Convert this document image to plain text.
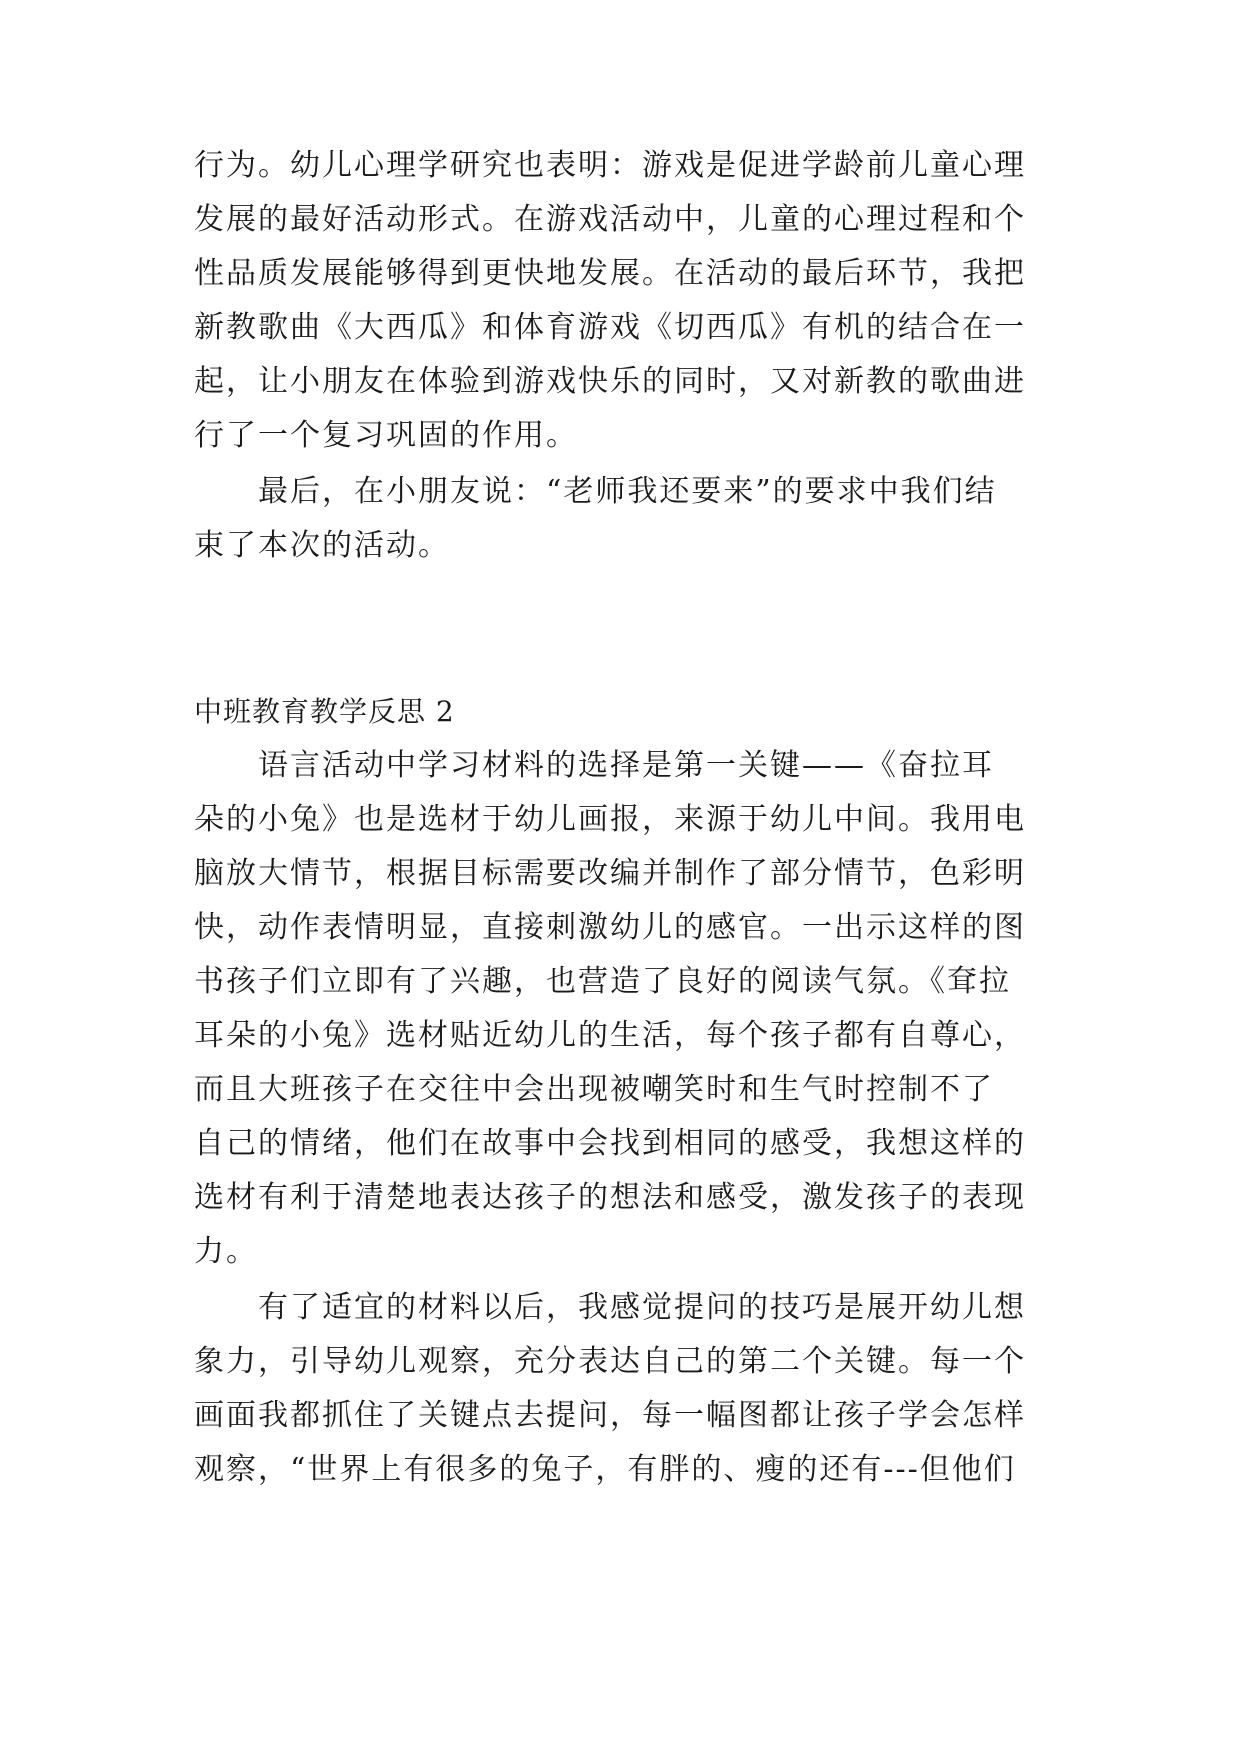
行为。幼儿心理学研究也表明：游戏是促进学龄前儿童心理
发展的最好活动形式。在游戏活动中，儿童的心理过程和个
性品质发展能够得到更快地发展。在活动的最后环节，我把
新教歌曲《大西瓜》和体育游戏《切西瓜》有机的结合在一
起，让小朋友在体验到游戏快乐的同时，又对新教的歌曲进
行了一个复习巩固的作用。
最后，在小朋友说：“老师我还要来”的要求中我们结
束了本次的活动。
中班教育教学反思 2
语言活动中学习材料的选择是第一关键——《奋拉耳
朵的小兔》也是选材于幼儿画报，来源于幼儿中间。我用电
脑放大情节，根据目标需要改编并制作了部分情节，色彩明
快，动作表情明显，直接刺激幼儿的感官。一出示这样的图
书孩子们立即有了兴趣，也营造了良好的阅读气氛。《耷拉
耳朵的小兔》选材贴近幼儿的生活，每个孩子都有自尊心，
而且大班孩子在交往中会出现被嘲笑时和生气时控制不了
自己的情绪，他们在故事中会找到相同的感受，我想这样的
选材有利于清楚地表达孩子的想法和感受，激发孩子的表现
力。
有了适宜的材料以后，我感觉提问的技巧是展开幼儿想
象力，引导幼儿观察，充分表达自己的第二个关键。每一个
画面我都抓住了关键点去提问，每一幅图都让孩子学会怎样
观察，“世界上有很多的兔子，有胖的、瘦的还有---但他们
